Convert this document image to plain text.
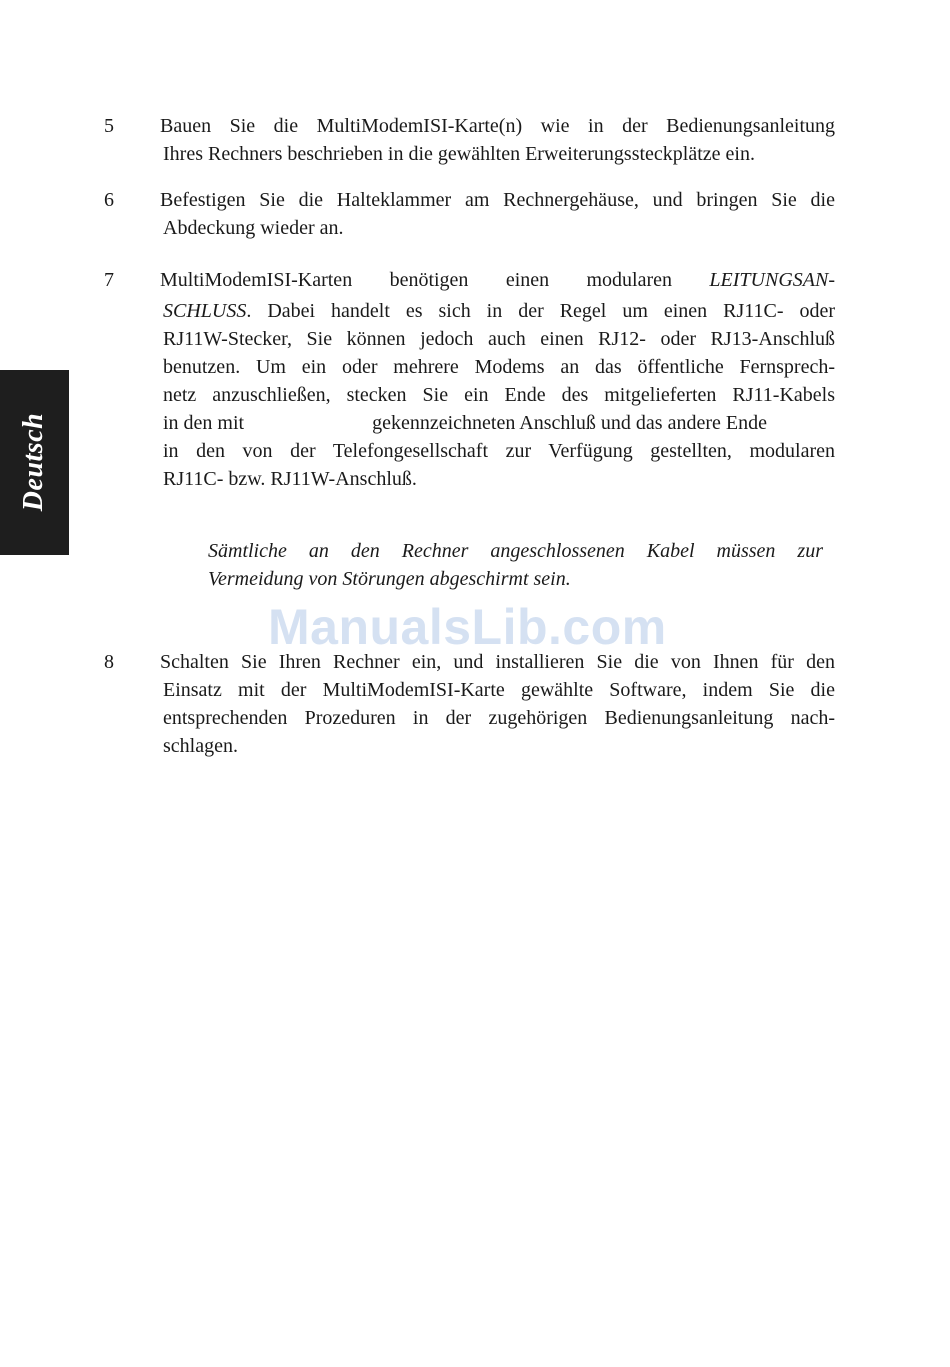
Deutsch
5 Bauen Sie die MultiModemISI-Karte(n) wie in der Bedienungsanleitung
Ihres Rechners beschrieben in die gewählten Erweiterungssteckplätze ein.
6 Befestigen Sie die Halteklammer am Rechnergehäuse, und bringen Sie die
Abdeckung wieder an.
7 MultiModemISI-Karten benötigen einen modularen LEITUNGSAN-
SCHLUSS. Dabei handelt es sich in der Regel um einen RJ11C- oder
RJ11W-Stecker, Sie können jedoch auch einen RJ12- oder RJ13-Anschluß
benutzen. Um ein oder mehrere Modems an das öffentliche Fernsprech-
netz anzuschließen, stecken Sie ein Ende des mitgelieferten RJ11-Kabels
in den mit	gekennzeichneten Anschluß und das andere Ende
in den von der Telefongesellschaft zur Verfügung gestellten, modularen
RJ11C- bzw. RJ11W-Anschluß.
Sämtliche an den Rechner angeschlossenen Kabel müssen zur
Vermeidung von Störungen abgeschirmt sein.
ManualsLib.com
8 Schalten Sie Ihren Rechner ein, und installieren Sie die von Ihnen für den
Einsatz mit der MultiModemISI-Karte gewählte Software, indem Sie die
entsprechenden Prozeduren in der zugehörigen Bedienungsanleitung nach-
schlagen.
